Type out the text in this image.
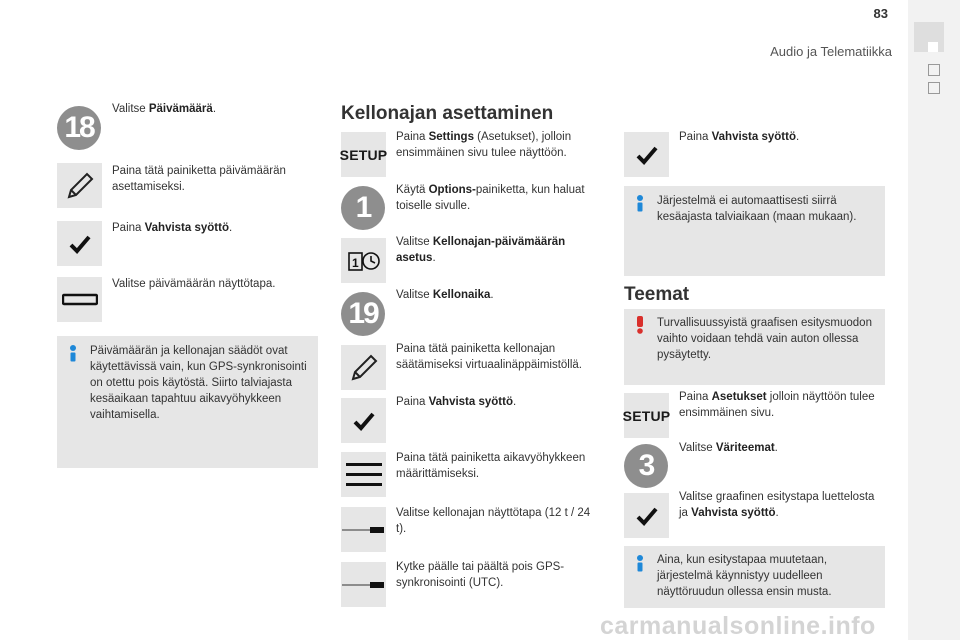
83
Audio ja Telematiikka
18
Valitse Päivämäärä.
Paina tätä painiketta päivämäärän asettamiseksi.
Paina Vahvista syöttö.
Valitse päivämäärän näyttötapa.
Päivämäärän ja kellonajan säädöt ovat käytettävissä vain, kun GPS-synkronisointi on otettu pois käytöstä. Siirto talviajasta kesäaikaan tapahtuu aikavyöhykkeen vaihtamisella.
Kellonajan asettaminen
SETUP
Paina Settings (Asetukset), jolloin ensimmäinen sivu tulee näyttöön.
1
Käytä Options-painiketta, kun haluat toiselle sivulle.
1
Valitse Kellonajan-päivämäärän asetus.
19
Valitse Kellonaika.
Paina tätä painiketta kellonajan säätämiseksi virtuaalinäppäimistöllä.
Paina Vahvista syöttö.
Paina tätä painiketta aikavyöhykkeen määrittämiseksi.
Valitse kellonajan näyttötapa (12 t / 24 t).
Kytke päälle tai päältä pois GPS-synkronisointi (UTC).
Paina Vahvista syöttö.
Järjestelmä ei automaattisesti siirrä kesäajasta talviaikaan (maan mukaan).
Teemat
Turvallisuussyistä graafisen esitysmuodon vaihto voidaan tehdä vain auton ollessa pysäytetty.
SETUP
Paina Asetukset jolloin näyttöön tulee ensimmäinen sivu.
3
Valitse Väriteemat.
Valitse graafinen esitystapa luettelosta ja Vahvista syöttö.
Aina, kun esitystapaa muutetaan, järjestelmä käynnistyy uudelleen näyttöruudun ollessa ensin musta.
carmanualsonline.info
